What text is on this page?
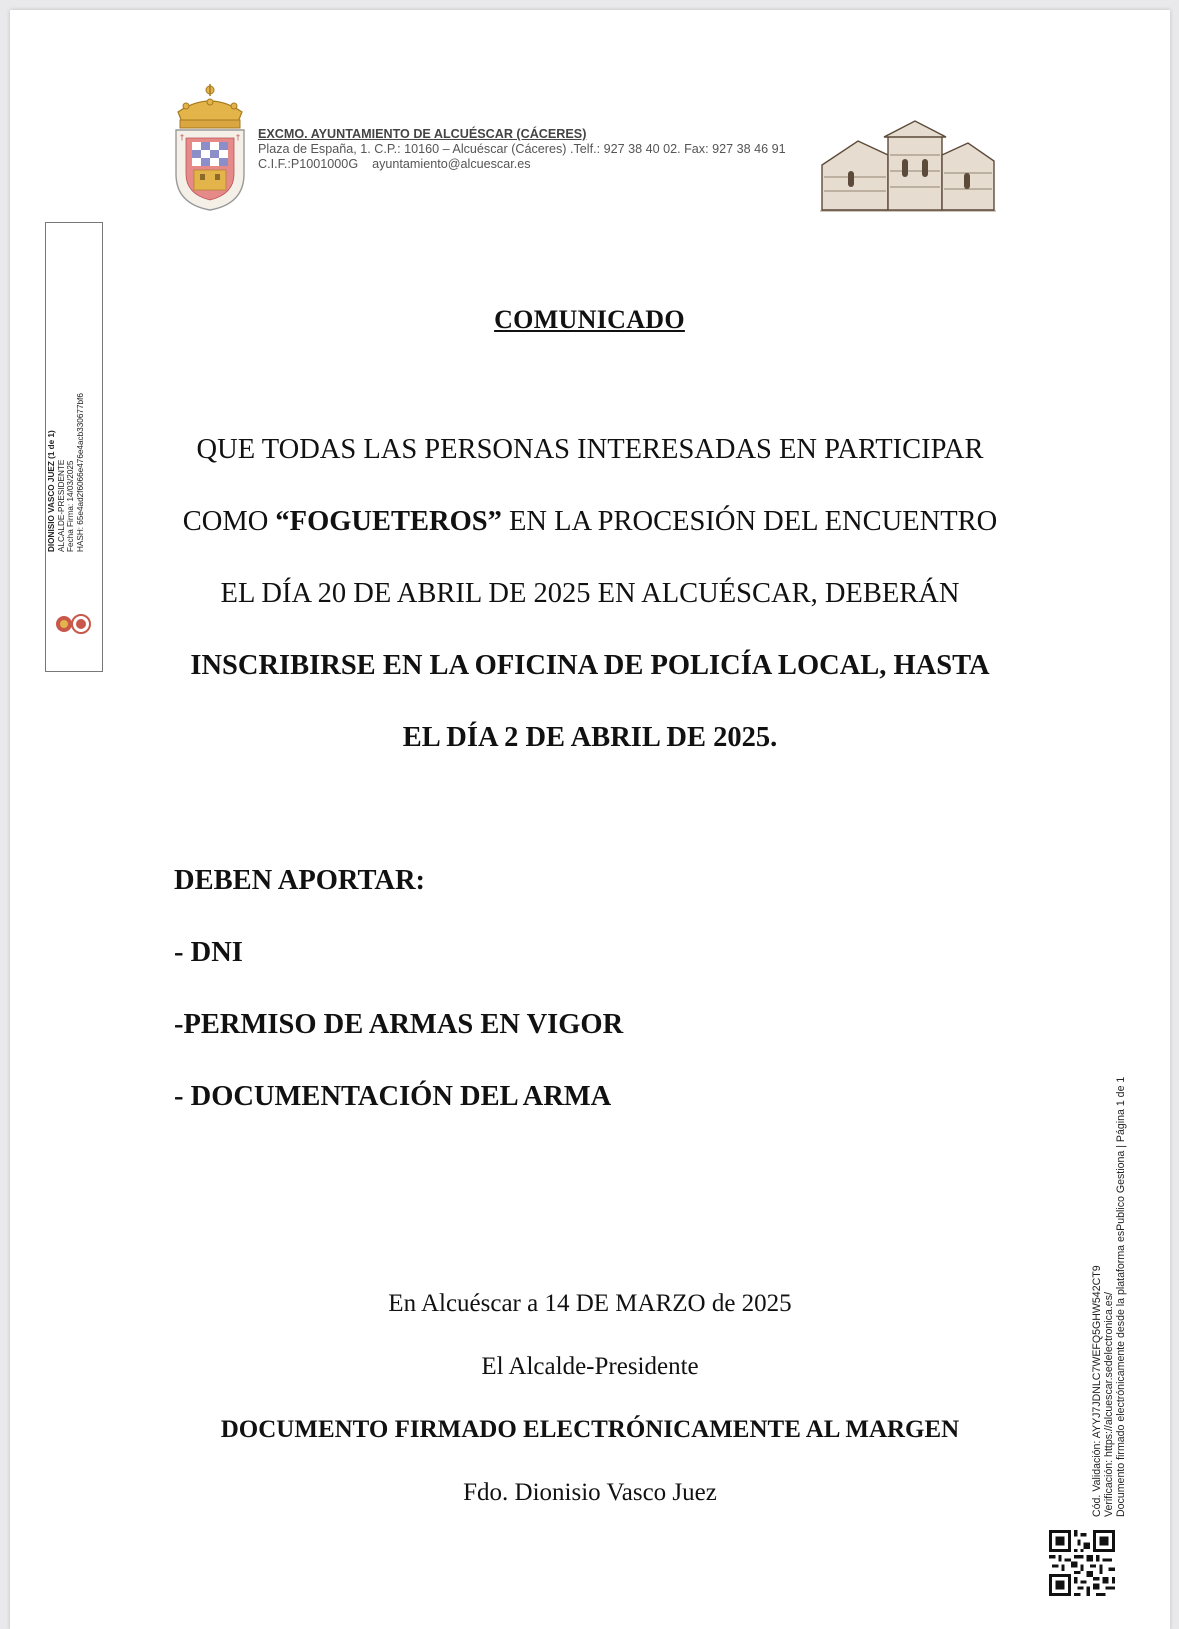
†	† EXCMO. AYUNTAMIENTO DE ALCUÉSCAR (CÁCERES)
Plaza de España, 1. C.P.: 10160 – Alcuéscar (Cáceres) .Telf.: 927 38 40 02. Fax: 927 38 46 91
C.I.F.:P1001000G ayuntamiento@alcuescar.es
DIONISIO VASCO JUEZ (1 de 1) ALCALDE-PRESIDENTE Fecha Firma: 14/03/2025 HASH: 65e4ad2f6066e476e4acb330677bf6
COMUNICADO
QUE TODAS LAS PERSONAS INTERESADAS EN PARTICIPAR COMO “FOGUETEROS” EN LA PROCESIÓN DEL ENCUENTRO EL DÍA 20 DE ABRIL DE 2025 EN ALCUÉSCAR, DEBERÁN INSCRIBIRSE EN LA OFICINA DE POLICÍA LOCAL, HASTA EL DÍA 2 DE ABRIL DE 2025.
DEBEN APORTAR:
- DNI
-PERMISO DE ARMAS EN VIGOR
- DOCUMENTACIÓN DEL ARMA
En Alcuéscar a 14 DE MARZO de 2025
El Alcalde-Presidente
DOCUMENTO FIRMADO ELECTRÓNICAMENTE AL MARGEN
Fdo. Dionisio Vasco Juez	Cód. Validación: AYYJ7JDNLC7WEFQ5GHW542CT9 Verificación: https://alcuescar.sedelectronica.es/ Documento firmado electrónicamente desde la plataforma esPublico Gestiona | Página 1 de 1
